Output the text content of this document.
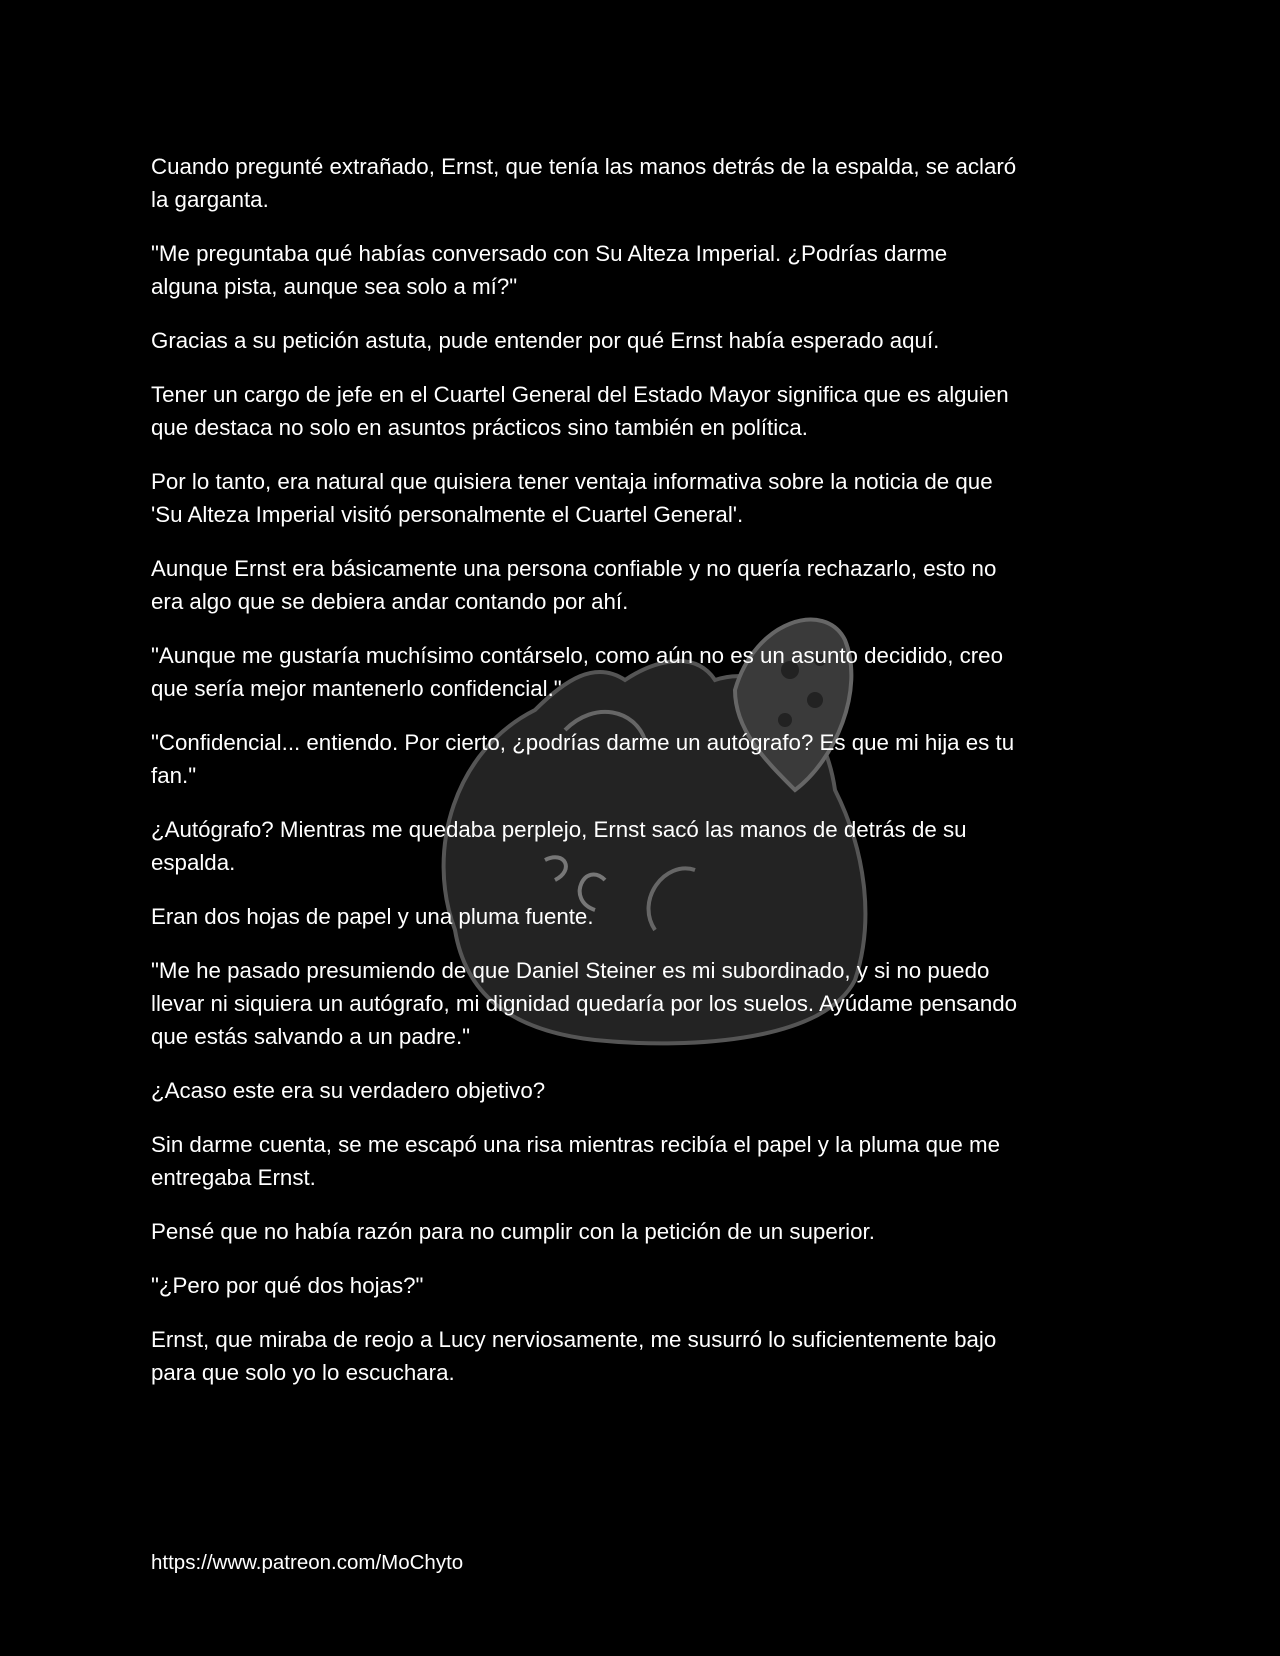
Cuando pregunté extrañado, Ernst, que tenía las manos detrás de la espalda, se aclaró
la garganta.

"Me preguntaba qué habías conversado con Su Alteza Imperial. ¿Podrías darme
alguna pista, aunque sea solo a mí?"

Gracias a su petición astuta, pude entender por qué Ernst había esperado aquí.

Tener un cargo de jefe en el Cuartel General del Estado Mayor significa que es alguien
que destaca no solo en asuntos prácticos sino también en política.

Por lo tanto, era natural que quisiera tener ventaja informativa sobre la noticia de que
'Su Alteza Imperial visitó personalmente el Cuartel General'.

Aunque Ernst era básicamente una persona confiable y no quería rechazarlo, esto no
era algo que se debiera andar contando por ahí.

"Aunque me gustaría muchísimo contárselo, como aún no es un asunto decidido, creo
que sería mejor mantenerlo confidencial."

"Confidencial... entiendo. Por cierto, ¿podrías darme un autógrafo? Es que mi hija es tu
fan."

¿Autógrafo? Mientras me quedaba perplejo, Ernst sacó las manos de detrás de su
espalda.

Eran dos hojas de papel y una pluma fuente.

"Me he pasado presumiendo de que Daniel Steiner es mi subordinado, y si no puedo
llevar ni siquiera un autógrafo, mi dignidad quedaría por los suelos. Ayúdame pensando
que estás salvando a un padre."

¿Acaso este era su verdadero objetivo?

Sin darme cuenta, se me escapó una risa mientras recibía el papel y la pluma que me
entregaba Ernst.

Pensé que no había razón para no cumplir con la petición de un superior.

"¿Pero por qué dos hojas?"

Ernst, que miraba de reojo a Lucy nerviosamente, me susurró lo suficientemente bajo
para que solo yo lo escuchara.

https://www.patreon.com/MoChyto
